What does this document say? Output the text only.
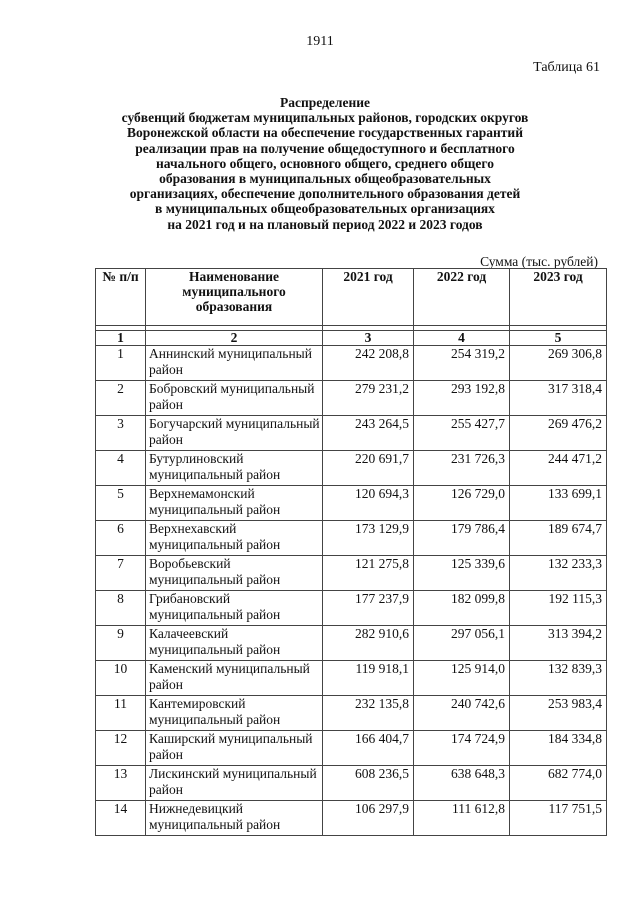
1911
Таблица 61
Распределение
субвенций бюджетам муниципальных районов, городских округов
Воронежской области на обеспечение государственных гарантий
реализации прав на получение общедоступного и бесплатного
начального общего, основного общего, среднего общего
образования в муниципальных общеобразовательных
организациях, обеспечение дополнительного образования детей
в муниципальных общеобразовательных организациях
на 2021 год и на плановый период 2022 и 2023 годов
Сумма (тыс. рублей)
№ п/п	Наименование муниципального образования	2021 год	2022 год	2023 год

1	2	3	4	5
1	Аннинский муниципальный район	242 208,8	254 319,2	269 306,8
2	Бобровский муниципальный район	279 231,2	293 192,8	317 318,4
3	Богучарский муниципальный район	243 264,5	255 427,7	269 476,2
4	Бутурлиновский муниципальный район	220 691,7	231 726,3	244 471,2
5	Верхнемамонский муниципальный район	120 694,3	126 729,0	133 699,1
6	Верхнехавский муниципальный район	173 129,9	179 786,4	189 674,7
7	Воробьевский муниципальный район	121 275,8	125 339,6	132 233,3
8	Грибановский муниципальный район	177 237,9	182 099,8	192 115,3
9	Калачеевский муниципальный район	282 910,6	297 056,1	313 394,2
10	Каменский муниципальный район	119 918,1	125 914,0	132 839,3
11	Кантемировский муниципальный район	232 135,8	240 742,6	253 983,4
12	Каширский муниципальный район	166 404,7	174 724,9	184 334,8
13	Лискинский муниципальный район	608 236,5	638 648,3	682 774,0
14	Нижнедевицкий муниципальный район	106 297,9	111 612,8	117 751,5
